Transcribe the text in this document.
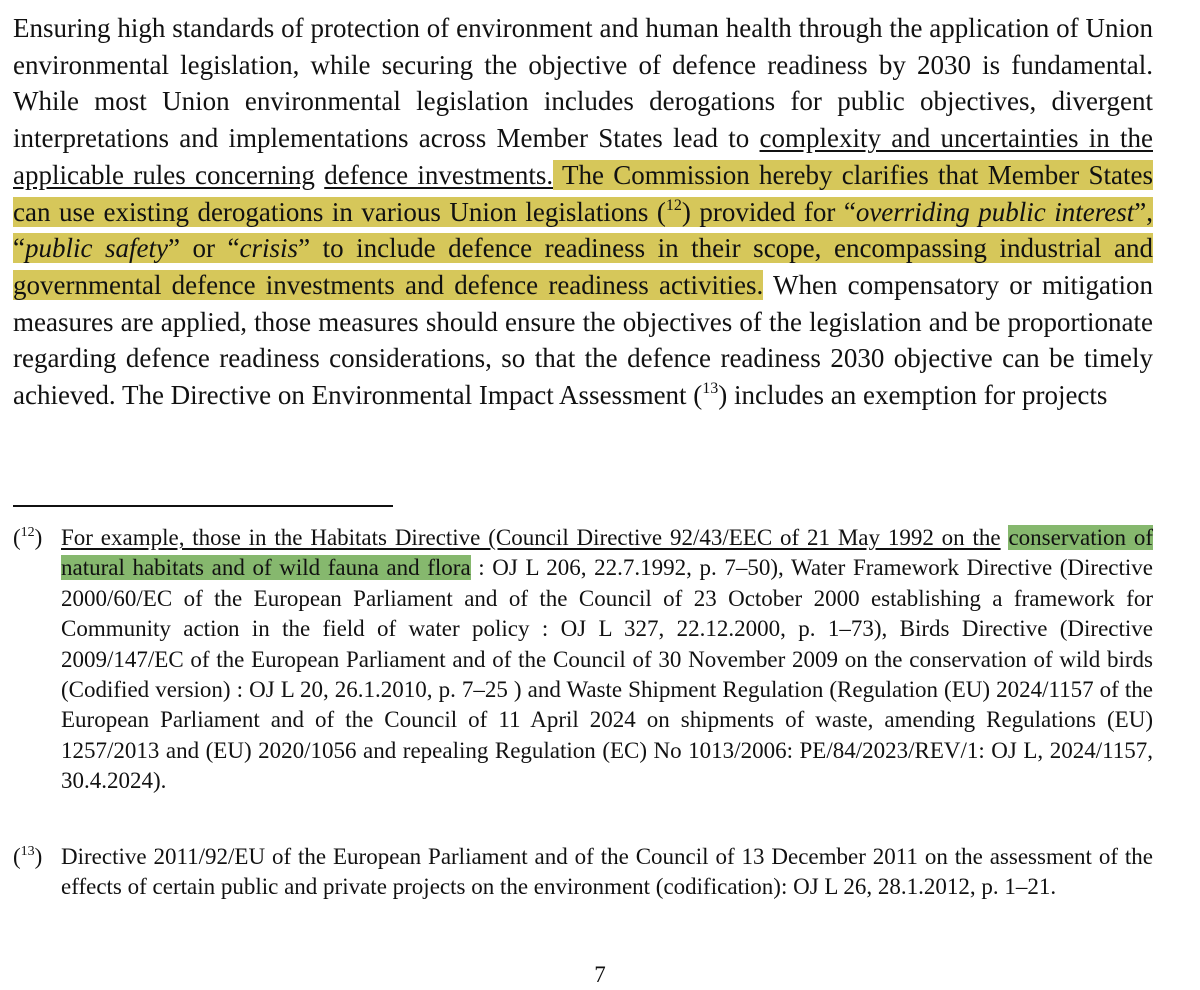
Ensuring high standards of protection of environment and human health through the application of Union environmental legislation, while securing the objective of defence readiness by 2030 is fundamental. While most Union environmental legislation includes derogations for public objectives, divergent interpretations and implementations across Member States lead to complexity and uncertainties in the applicable rules concerning defence investments. The Commission hereby clarifies that Member States can use existing derogations in various Union legislations ($^{12}$) provided for “overriding public interest”, “public safety” or “crisis” to include defence readiness in their scope, encompassing industrial and governmental defence investments and defence readiness activities. When compensatory or mitigation measures are applied, those measures should ensure the objectives of the legislation and be proportionate regarding defence readiness considerations, so that the defence readiness 2030 objective can be timely achieved. The Directive on Environmental Impact Assessment ($^{13}$) includes an exemption for projects

($^{12}$) For example, those in the Habitats Directive (Council Directive 92/43/EEC of 21 May 1992 on the conservation of natural habitats and of wild fauna and flora : OJ L 206, 22.7.1992, p. 7–50), Water Framework Directive (Directive 2000/60/EC of the European Parliament and of the Council of 23 October 2000 establishing a framework for Community action in the field of water policy : OJ L 327, 22.12.2000, p. 1–73), Birds Directive (Directive 2009/147/EC of the European Parliament and of the Council of 30 November 2009 on the conservation of wild birds (Codified version) : OJ L 20, 26.1.2010, p. 7–25 ) and Waste Shipment Regulation (Regulation (EU) 2024/1157 of the European Parliament and of the Council of 11 April 2024 on shipments of waste, amending Regulations (EU) 1257/2013 and (EU) 2020/1056 and repealing Regulation (EC) No 1013/2006: PE/84/2023/REV/1: OJ L, 2024/1157, 30.4.2024).
($^{13}$) Directive 2011/92/EU of the European Parliament and of the Council of 13 December 2011 on the assessment of the effects of certain public and private projects on the environment (codification): OJ L 26, 28.1.2012, p. 1–21.
7
